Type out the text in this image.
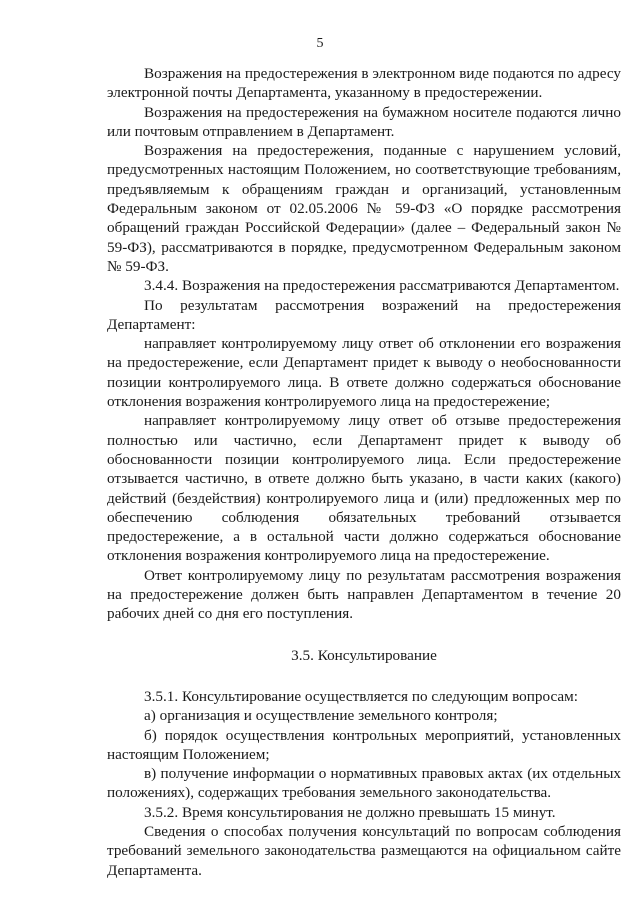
5

Возражения на предостережения в электронном виде подаются по адресу электронной почты Департамента, указанному в предостережении.

Возражения на предостережения на бумажном носителе подаются лично или почтовым отправлением в Департамент.

Возражения на предостережения, поданные с нарушением условий, предусмотренных настоящим Положением, но соответствующие требованиям, предъявляемым к обращениям граждан и организаций, установленным Федеральным законом от 02.05.2006 № 59-ФЗ «О порядке рассмотрения обращений граждан Российской Федерации» (далее – Федеральный закон № 59-ФЗ), рассматриваются в порядке, предусмотренном Федеральным законом № 59-ФЗ.

3.4.4. Возражения на предостережения рассматриваются Департаментом.

По результатам рассмотрения возражений на предостережения Департамент:

направляет контролируемому лицу ответ об отклонении его возражения на предостережение, если Департамент придет к выводу о необоснованности позиции контролируемого лица. В ответе должно содержаться обоснование отклонения возражения контролируемого лица на предостережение;

направляет контролируемому лицу ответ об отзыве предостережения полностью или частично, если Департамент придет к выводу об обоснованности позиции контролируемого лица. Если предостережение отзывается частично, в ответе должно быть указано, в части каких (какого) действий (бездействия) контролируемого лица и (или) предложенных мер по обеспечению соблюдения обязательных требований отзывается предостережение, а в остальной части должно содержаться обоснование отклонения возражения контролируемого лица на предостережение.

Ответ контролируемому лицу по результатам рассмотрения возражения на предостережение должен быть направлен Департаментом в течение 20 рабочих дней со дня его поступления.

3.5. Консультирование

3.5.1. Консультирование осуществляется по следующим вопросам:

а) организация и осуществление земельного контроля;

б) порядок осуществления контрольных мероприятий, установленных настоящим Положением;

в) получение информации о нормативных правовых актах (их отдельных положениях), содержащих требования земельного законодательства.

3.5.2. Время консультирования не должно превышать 15 минут.

Сведения о способах получения консультаций по вопросам соблюдения требований земельного законодательства размещаются на официальном сайте Департамента.
